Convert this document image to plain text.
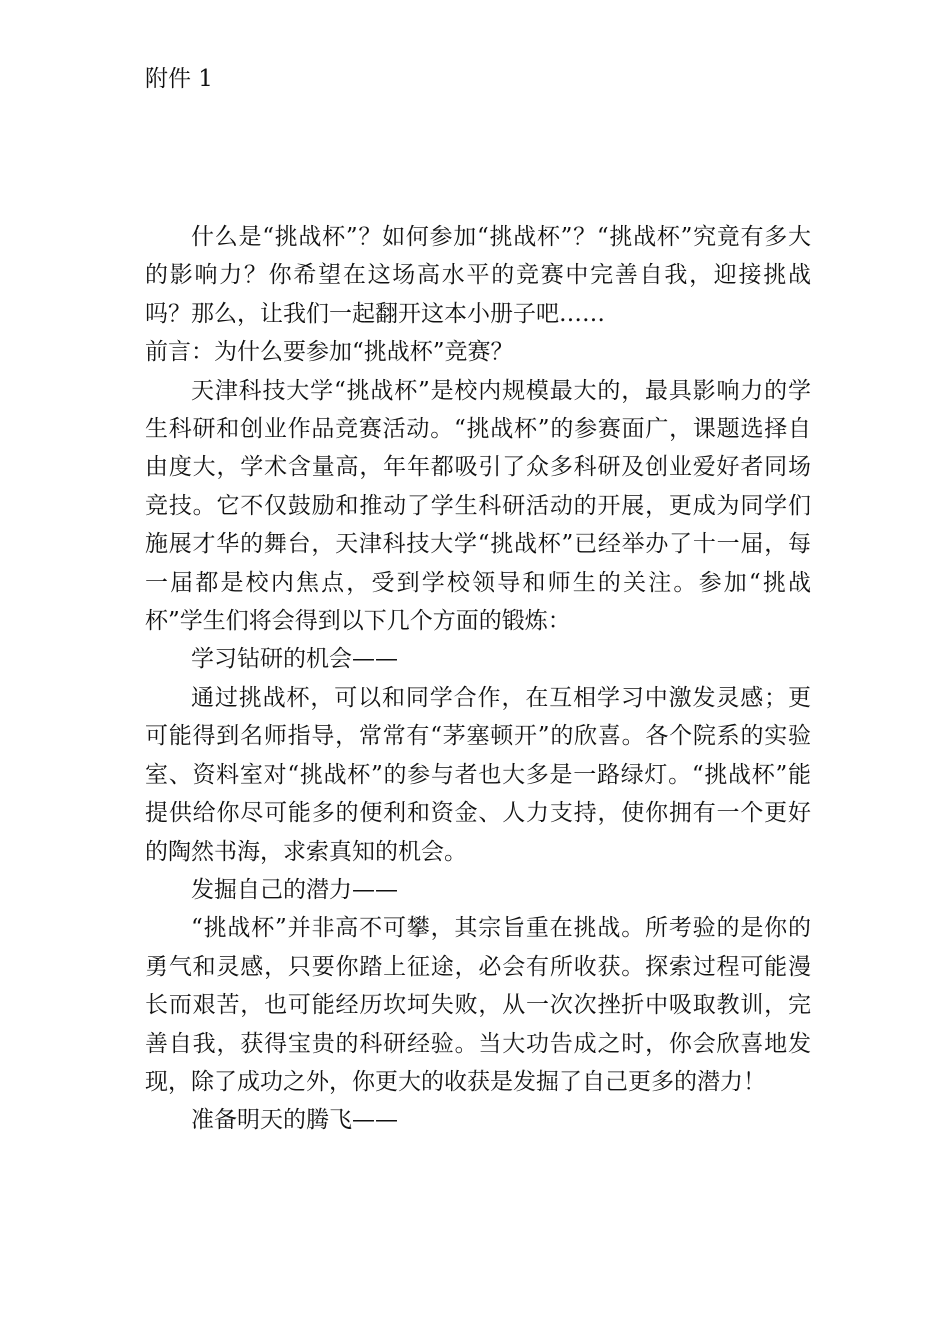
附件 1

什么是“挑战杯”？如何参加“挑战杯”？“挑战杯”究竟有多大的影响力？你希望在这场高水平的竞赛中完善自我，迎接挑战吗？那么，让我们一起翻开这本小册子吧……

前言：为什么要参加“挑战杯”竞赛？

天津科技大学“挑战杯”是校内规模最大的，最具影响力的学生科研和创业作品竞赛活动。“挑战杯”的参赛面广，课题选择自由度大，学术含量高，年年都吸引了众多科研及创业爱好者同场竞技。它不仅鼓励和推动了学生科研活动的开展，更成为同学们施展才华的舞台，天津科技大学“挑战杯”已经举办了十一届，每一届都是校内焦点，受到学校领导和师生的关注。参加“挑战杯”学生们将会得到以下几个方面的锻炼：

学习钻研的机会——

通过挑战杯，可以和同学合作，在互相学习中激发灵感；更可能得到名师指导，常常有“茅塞顿开”的欣喜。各个院系的实验室、资料室对“挑战杯”的参与者也大多是一路绿灯。“挑战杯”能提供给你尽可能多的便利和资金、人力支持，使你拥有一个更好的陶然书海，求索真知的机会。

发掘自己的潜力——

“挑战杯”并非高不可攀，其宗旨重在挑战。所考验的是你的勇气和灵感，只要你踏上征途，必会有所收获。探索过程可能漫长而艰苦，也可能经历坎坷失败，从一次次挫折中吸取教训，完善自我，获得宝贵的科研经验。当大功告成之时，你会欣喜地发现，除了成功之外，你更大的收获是发掘了自己更多的潜力！

准备明天的腾飞——
